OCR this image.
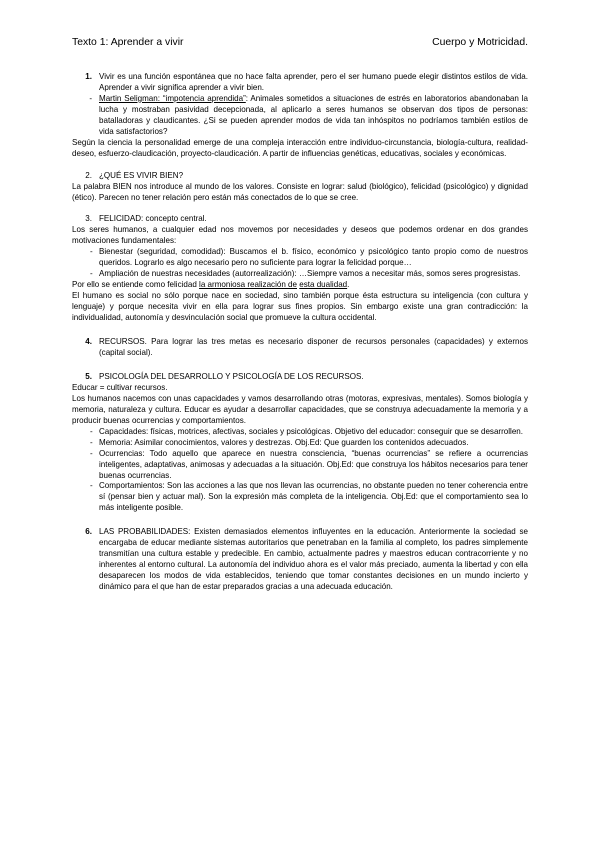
Texto 1: Aprender a vivir	Cuerpo y Motricidad.
1. Vivir es una función espontánea que no hace falta aprender, pero el ser humano puede elegir distintos estilos de vida. Aprender a vivir significa aprender a vivir bien.
- Martin Seligman: “impotencia aprendida”: Animales sometidos a situaciones de estrés en laboratorios abandonaban la lucha y mostraban pasividad decepcionada, al aplicarlo a seres humanos se observan dos tipos de personas: batalladoras y claudicantes. ¿Si se pueden aprender modos de vida tan inhóspitos no podríamos también estilos de vida satisfactorios?
Según la ciencia la personalidad emerge de una compleja interacción entre individuo-circunstancia, biología-cultura, realidad-deseo, esfuerzo-claudicación, proyecto-claudicación. A partir de influencias genéticas, educativas, sociales y económicas.
2. ¿QUÉ ES VIVIR BIEN?
La palabra BIEN nos introduce al mundo de los valores. Consiste en lograr: salud (biológico), felicidad (psicológico) y dignidad (ético). Parecen no tener relación pero están más conectados de lo que se cree.
3. FELICIDAD: concepto central.
Los seres humanos, a cualquier edad nos movemos por necesidades y deseos que podemos ordenar en dos grandes motivaciones fundamentales:
- Bienestar (seguridad, comodidad): Buscamos el b. físico, económico y psicológico tanto propio como de nuestros queridos. Lograrlo es algo necesario pero no suficiente para lograr la felicidad porque…
- Ampliación de nuestras necesidades (autorrealización): …Siempre vamos a necesitar más, somos seres progresistas.
Por ello se entiende como felicidad la armoniosa realización de esta dualidad.
El humano es social no sólo porque nace en sociedad, sino también porque ésta estructura su inteligencia (con cultura y lenguaje) y porque necesita vivir en ella para lograr sus fines propios. Sin embargo existe una gran contradicción: la individualidad, autonomía y desvinculación social que promueve la cultura occidental.
4. RECURSOS. Para lograr las tres metas es necesario disponer de recursos personales (capacidades) y externos (capital social).
5. PSICOLOGÍA DEL DESARROLLO Y PSICOLOGÍA DE LOS RECURSOS.
Educar = cultivar recursos.
Los humanos nacemos con unas capacidades y vamos desarrollando otras (motoras, expresivas, mentales). Somos biología y memoria, naturaleza y cultura. Educar es ayudar a desarrollar capacidades, que se construya adecuadamente la memoria y a producir buenas ocurrencias y comportamientos.
- Capacidades: físicas, motrices, afectivas, sociales y psicológicas. Objetivo del educador: conseguir que se desarrollen.
- Memoria: Asimilar conocimientos, valores y destrezas. Obj.Ed: Que guarden los contenidos adecuados.
- Ocurrencias: Todo aquello que aparece en nuestra consciencia, “buenas ocurrencias” se refiere a ocurrencias inteligentes, adaptativas, animosas y adecuadas a la situación. Obj.Ed: que construya los hábitos necesarios para tener buenas ocurrencias.
- Comportamientos: Son las acciones a las que nos llevan las ocurrencias, no obstante pueden no tener coherencia entre sí (pensar bien y actuar mal). Son la expresión más completa de la inteligencia. Obj.Ed: que el comportamiento sea lo más inteligente posible.
6. LAS PROBABILIDADES: Existen demasiados elementos influyentes en la educación. Anteriormente la sociedad se encargaba de educar mediante sistemas autoritarios que penetraban en la familia al completo, los padres simplemente transmitían una cultura estable y predecible. En cambio, actualmente padres y maestros educan contracorriente y no inherentes al entorno cultural. La autonomía del individuo ahora es el valor más preciado, aumenta la libertad y con ella desaparecen los modos de vida establecidos, teniendo que tomar constantes decisiones en un mundo incierto y dinámico para el que han de estar preparados gracias a una adecuada educación.
